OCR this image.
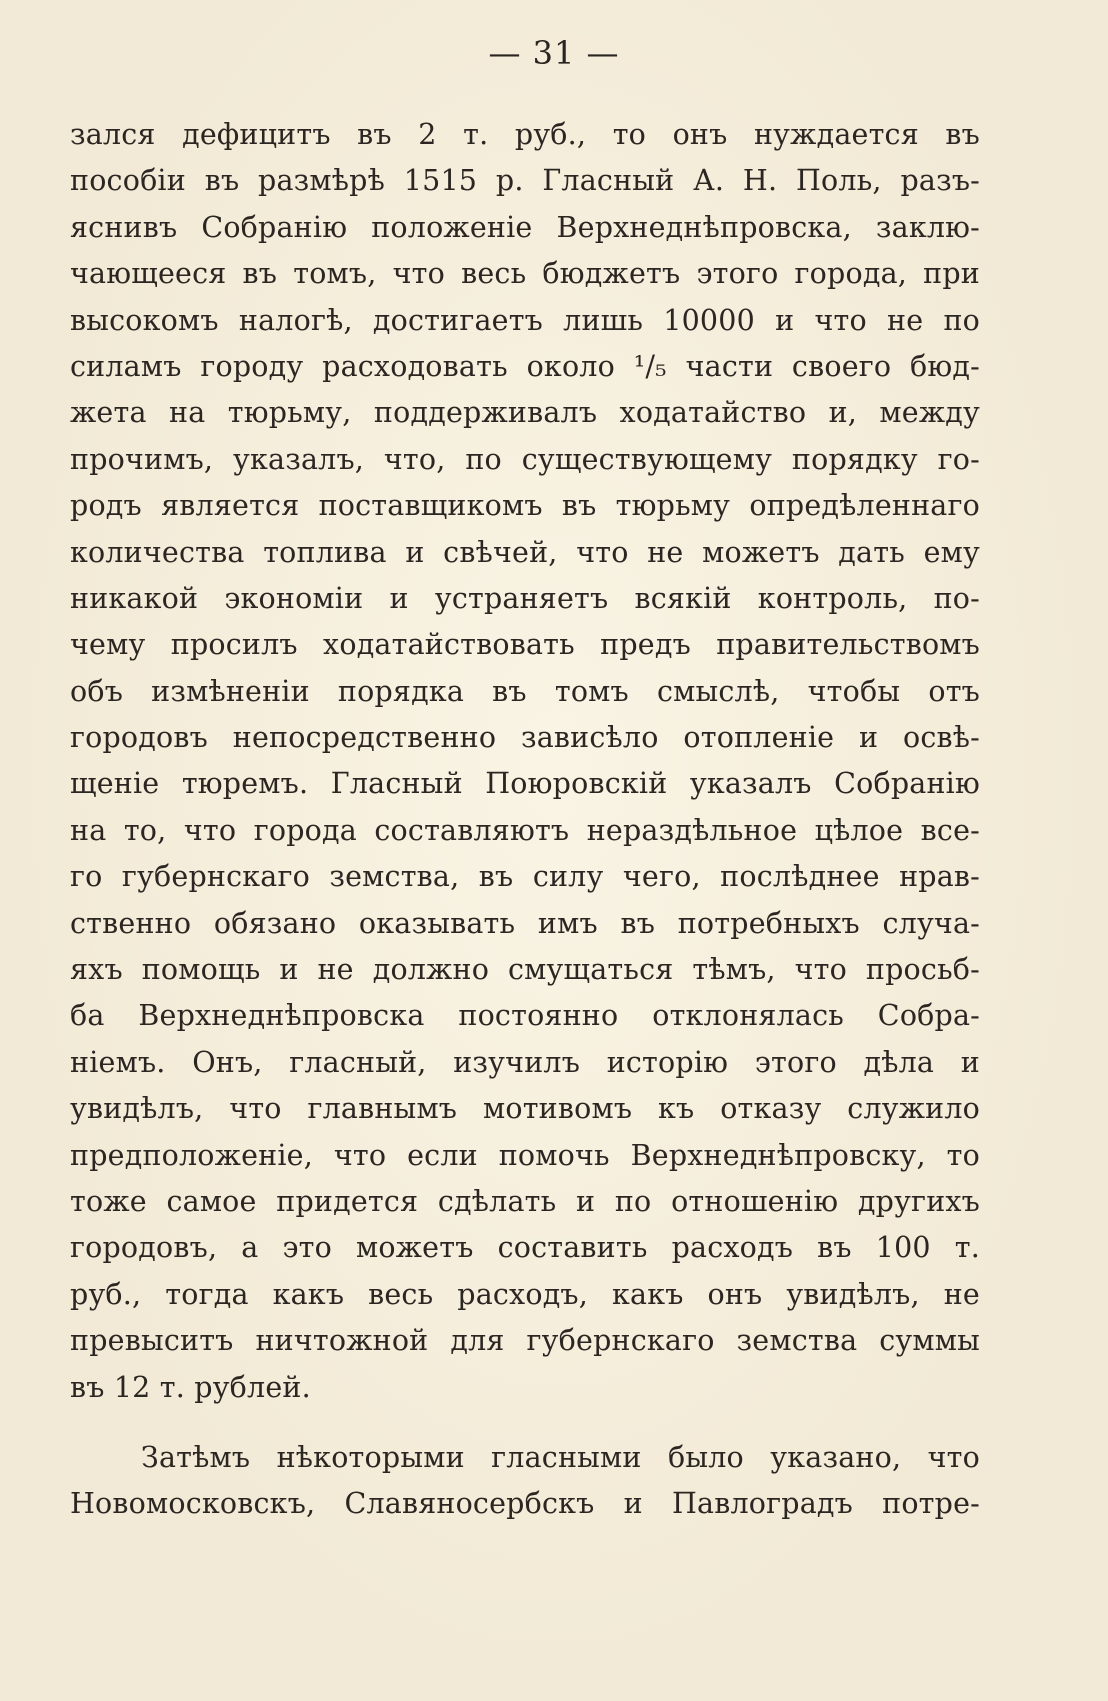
— 31 —
зался дефицитъ въ 2 т. руб., то онъ нуждается въ
пособіи въ размѣрѣ 1515 р. Гласный А. Н. Поль, разъ-
яснивъ Собранію положеніе Верхнеднѣпровска, заклю-
чающееся въ томъ, что весь бюджетъ этого города, при
высокомъ налогѣ, достигаетъ лишь 10000 и что не по
силамъ городу расходовать около ¹/₅ части своего бюд-
жета на тюрьму, поддерживалъ ходатайство и, между
прочимъ, указалъ, что, по существующему порядку го-
родъ является поставщикомъ въ тюрьму опредѣленнаго
количества топлива и свѣчей, что не можетъ дать ему
никакой экономіи и устраняетъ всякій контроль, по-
чему просилъ ходатайствовать предъ правительствомъ
объ измѣненіи порядка въ томъ смыслѣ, чтобы отъ
городовъ непосредственно зависѣло отопленіе и освѣ-
щеніе тюремъ. Гласный Поюровскій указалъ Собранію
на то, что города составляютъ нераздѣльное цѣлое все-
го губернскаго земства, въ силу чего, послѣднее нрав-
ственно обязано оказывать имъ въ потребныхъ случа-
яхъ помощь и не должно смущаться тѣмъ, что просьб-
ба Верхнеднѣпровска постоянно отклонялась Собра-
ніемъ. Онъ, гласный, изучилъ исторію этого дѣла и
увидѣлъ, что главнымъ мотивомъ къ отказу служило
предположеніе, что если помочь Верхнеднѣпровску, то
тоже самое придется сдѣлать и по отношенію другихъ
городовъ, а это можетъ составить расходъ въ 100 т.
руб., тогда какъ весь расходъ, какъ онъ увидѣлъ, не
превыситъ ничтожной для губернскаго земства суммы
въ 12 т. рублей.
Затѣмъ нѣкоторыми гласными было указано, что
Новомосковскъ, Славяносербскъ и Павлоградъ потре-
